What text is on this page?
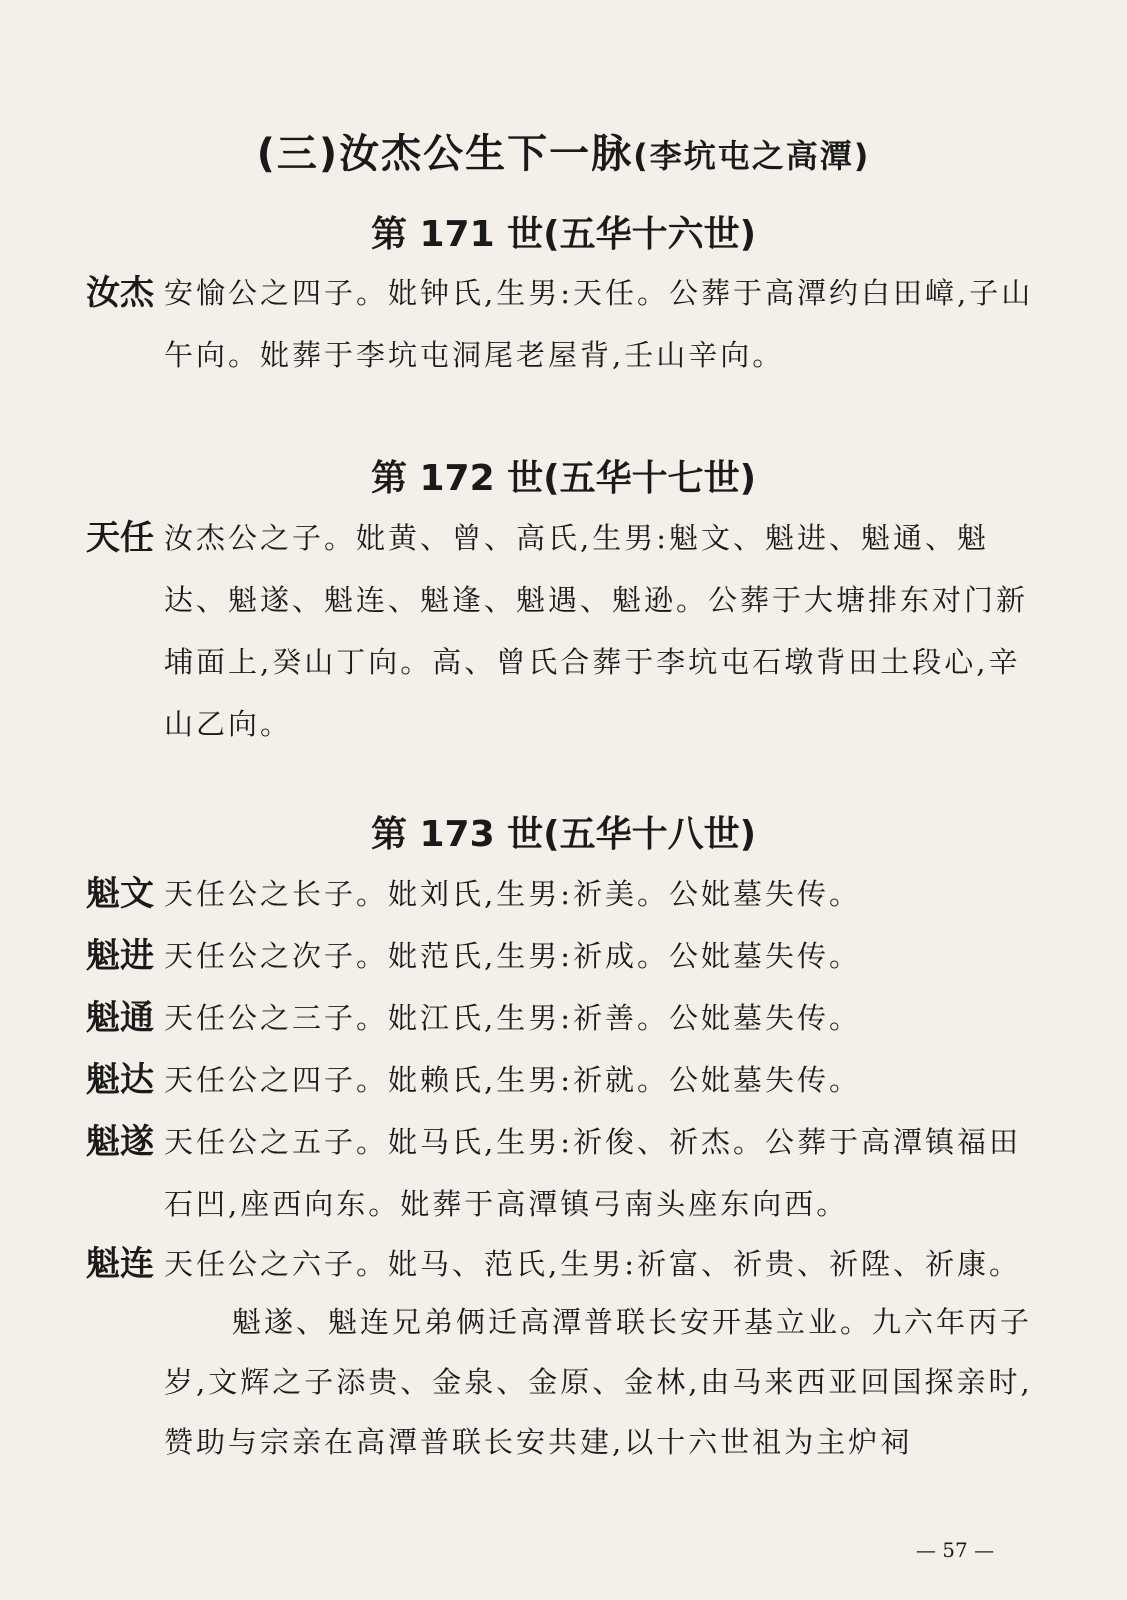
(三)汝杰公生下一脉(李坑屯之高潭)
第 171 世(五华十六世)
汝杰 安愉公之四子。妣钟氏,生男:天任。公葬于高潭约白田嶂,子山午向。妣葬于李坑屯洞尾老屋背,壬山辛向。
第 172 世(五华十七世)
天任 汝杰公之子。妣黄、曾、高氏,生男:魁文、魁进、魁通、魁达、魁遂、魁连、魁逢、魁遇、魁逊。公葬于大塘排东对门新埔面上,癸山丁向。高、曾氏合葬于李坑屯石墩背田土段心,辛山乙向。
第 173 世(五华十八世)
魁文 天任公之长子。妣刘氏,生男:祈美。公妣墓失传。
魁进 天任公之次子。妣范氏,生男:祈成。公妣墓失传。
魁通 天任公之三子。妣江氏,生男:祈善。公妣墓失传。
魁达 天任公之四子。妣赖氏,生男:祈就。公妣墓失传。
魁遂 天任公之五子。妣马氏,生男:祈俊、祈杰。公葬于高潭镇福田石凹,座西向东。妣葬于高潭镇弓南头座东向西。
魁连 天任公之六子。妣马、范氏,生男:祈富、祈贵、祈陞、祈康。
魁遂、魁连兄弟俩迁高潭普联长安开基立业。九六年丙子岁,文辉之子添贵、金泉、金原、金林,由马来西亚回国探亲时,赞助与宗亲在高潭普联长安共建,以十六世祖为主炉祠
— 57 —
